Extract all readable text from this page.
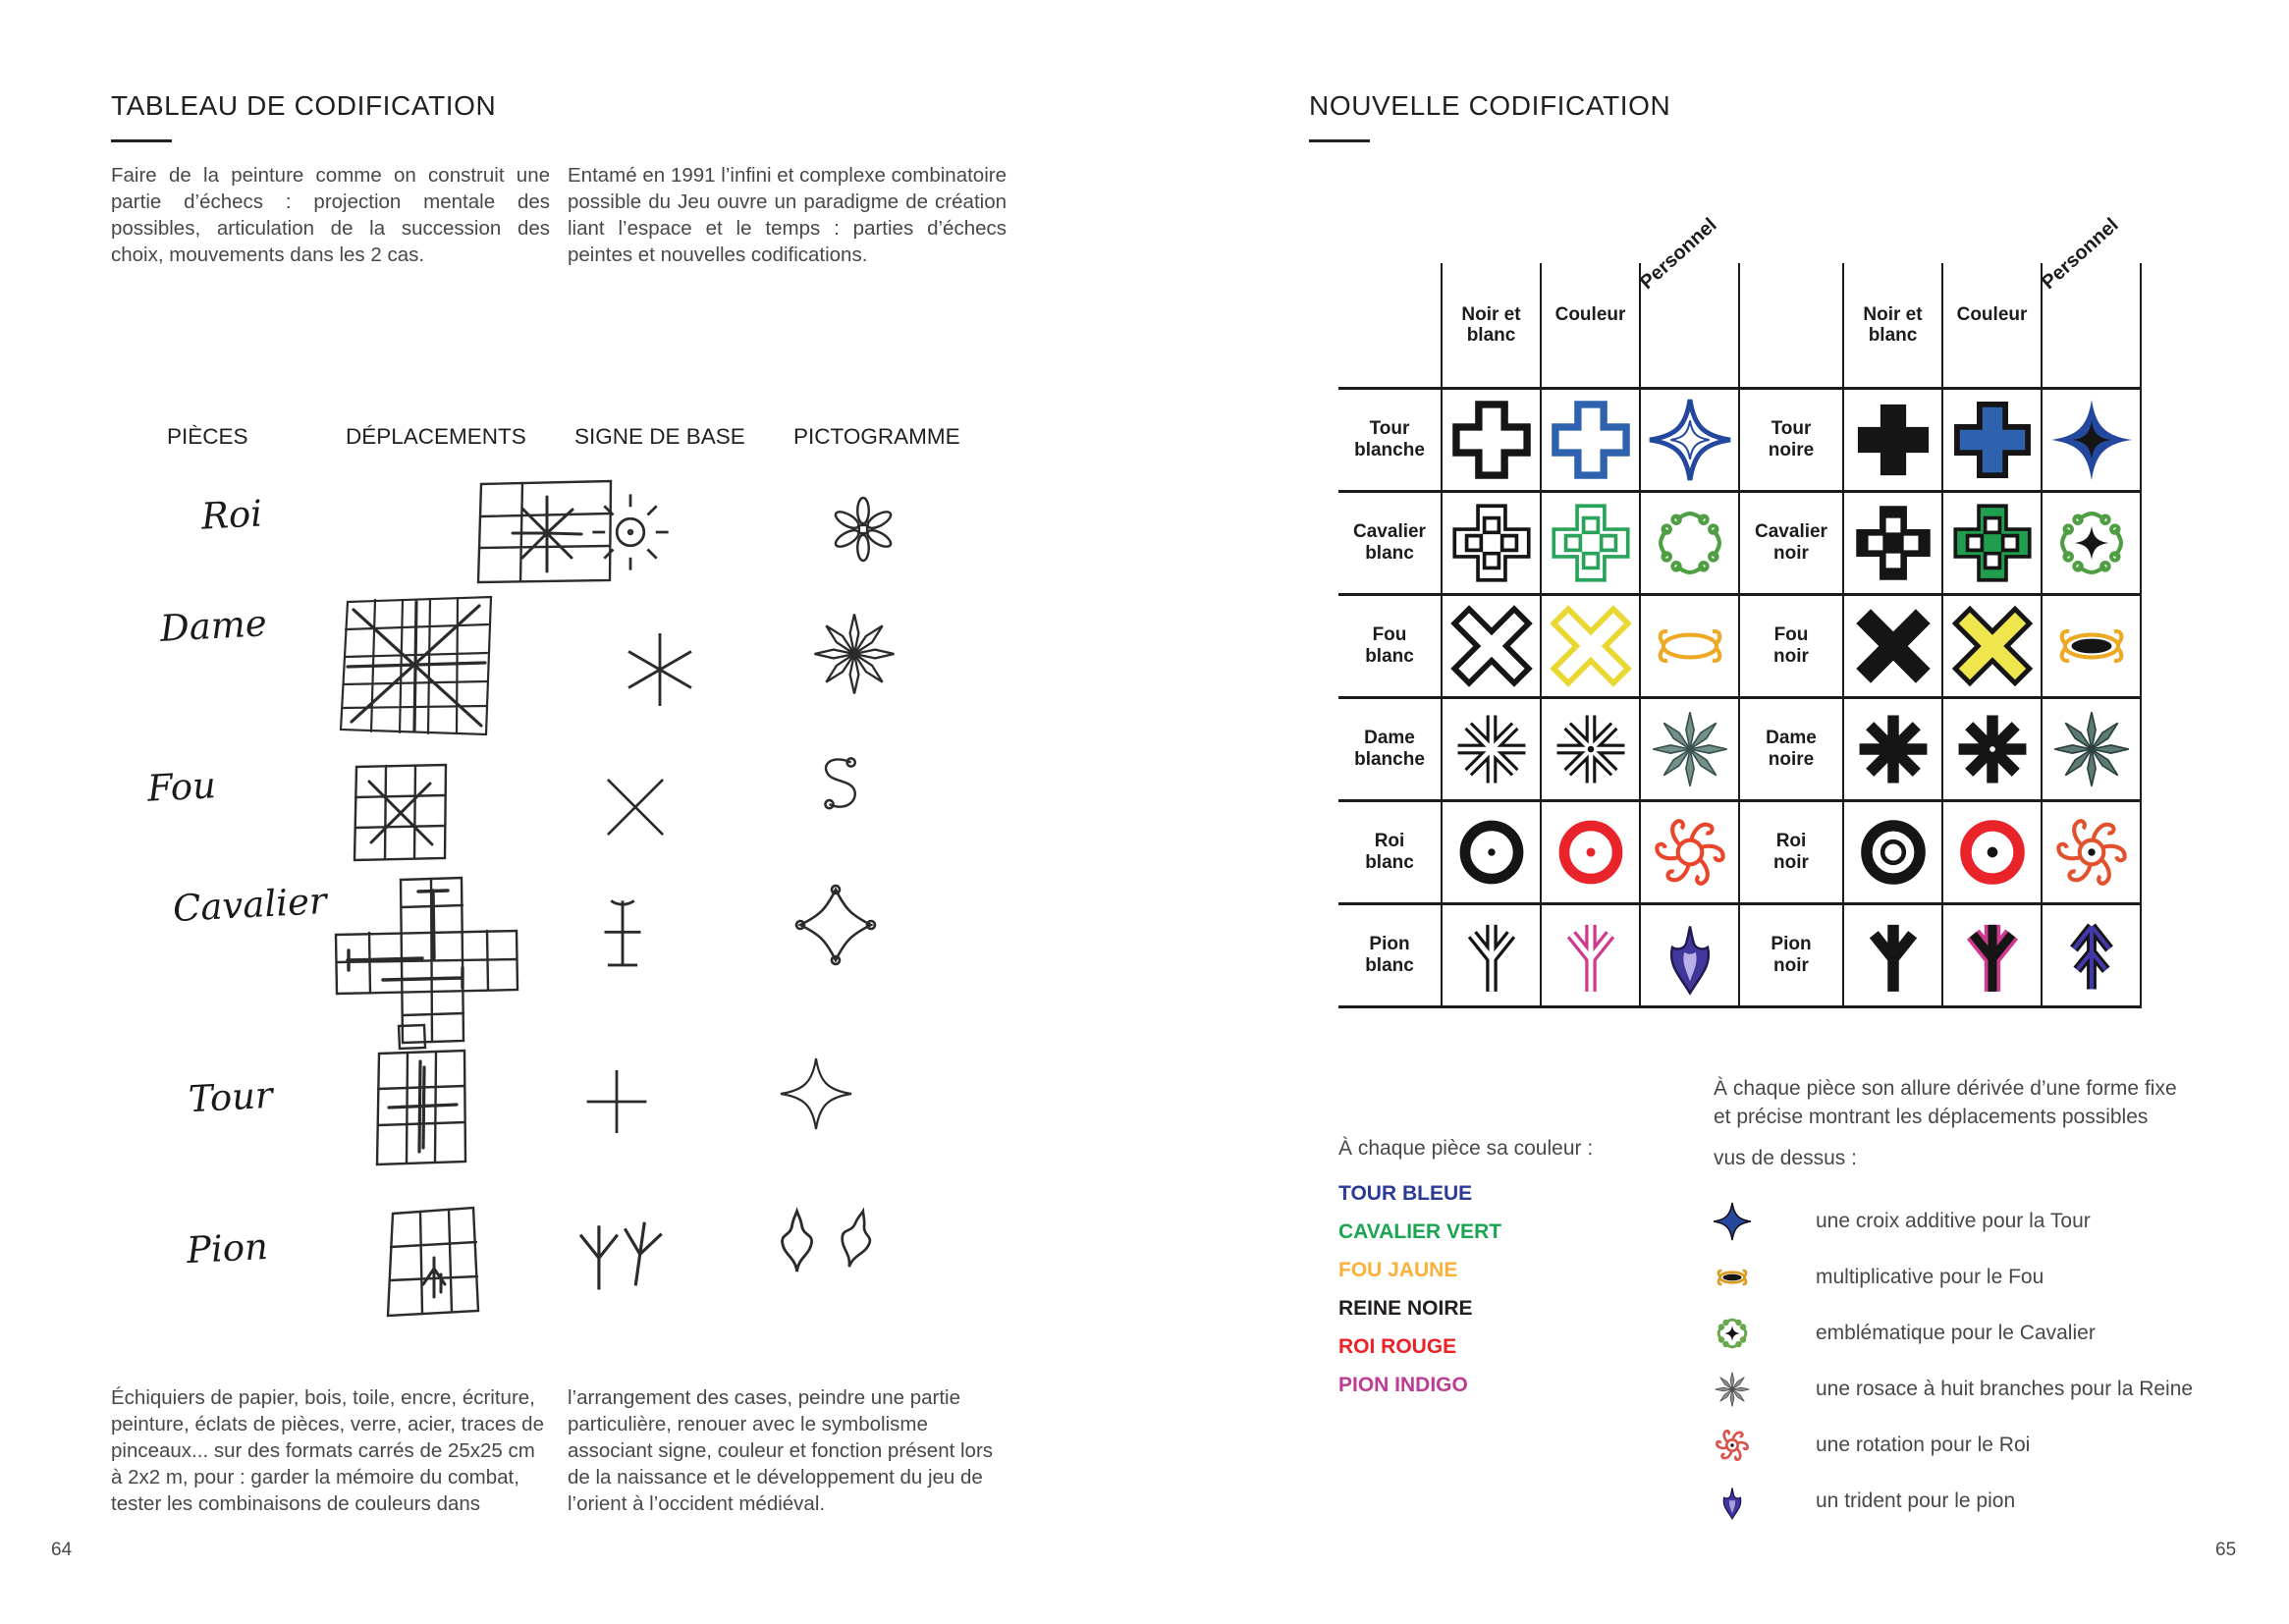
TABLEAU DE CODIFICATION
Faire de la peinture comme on construit une partie d’échecs : projection mentale des possibles, articulation de la succession des choix, mouvements dans les 2 cas.
Entamé en 1991 l’infini et complexe combinatoire possible du Jeu ouvre un paradigme de création liant l’espace et le temps : parties d’échecs peintes et nouvelles codifications.
PIÈCES	DÉPLACEMENTS SIGNE DE BASE PICTOGRAMME
Roi
Dame
Fou
Cavalier
Tour
Pion
Échiquiers de papier, bois, toile, encre, écriture, peinture, éclats de pièces, verre, acier, traces de pinceaux... sur des formats carrés de 25x25 cm à 2x2 m, pour : garder la mémoire du combat, tester les combinaisons de couleurs dans
l’arrangement des cases, peindre une partie particulière, renouer avec le symbolisme associant signe, couleur et fonction présent lors de la naissance et le développement du jeu de l’orient à l’occident médiéval.
64
NOUVELLE CODIFICATION
Noir et
blanc
Couleur
Personnel
Noir et
blanc
Couleur
Personnel
Tour
blanche
Tour
noire
Cavalier
blanc
Cavalier
noir
Fou
blanc
Fou
noir
Dame
blanche
Dame
noire
Roi
blanc
Roi
noir
Pion
blanc
Pion
noir
À chaque pièce sa couleur :
TOUR BLEUE
CAVALIER VERT
FOU JAUNE
REINE NOIRE
ROI ROUGE
PION INDIGO
À chaque pièce son allure dérivée d’une forme fixe et précise montrant les déplacements possibles
vus de dessus :
une croix additive pour la Tour
multiplicative pour le Fou
emblématique pour le Cavalier
une rosace à huit branches pour la Reine
une rotation pour le Roi
un trident pour le pion
65
